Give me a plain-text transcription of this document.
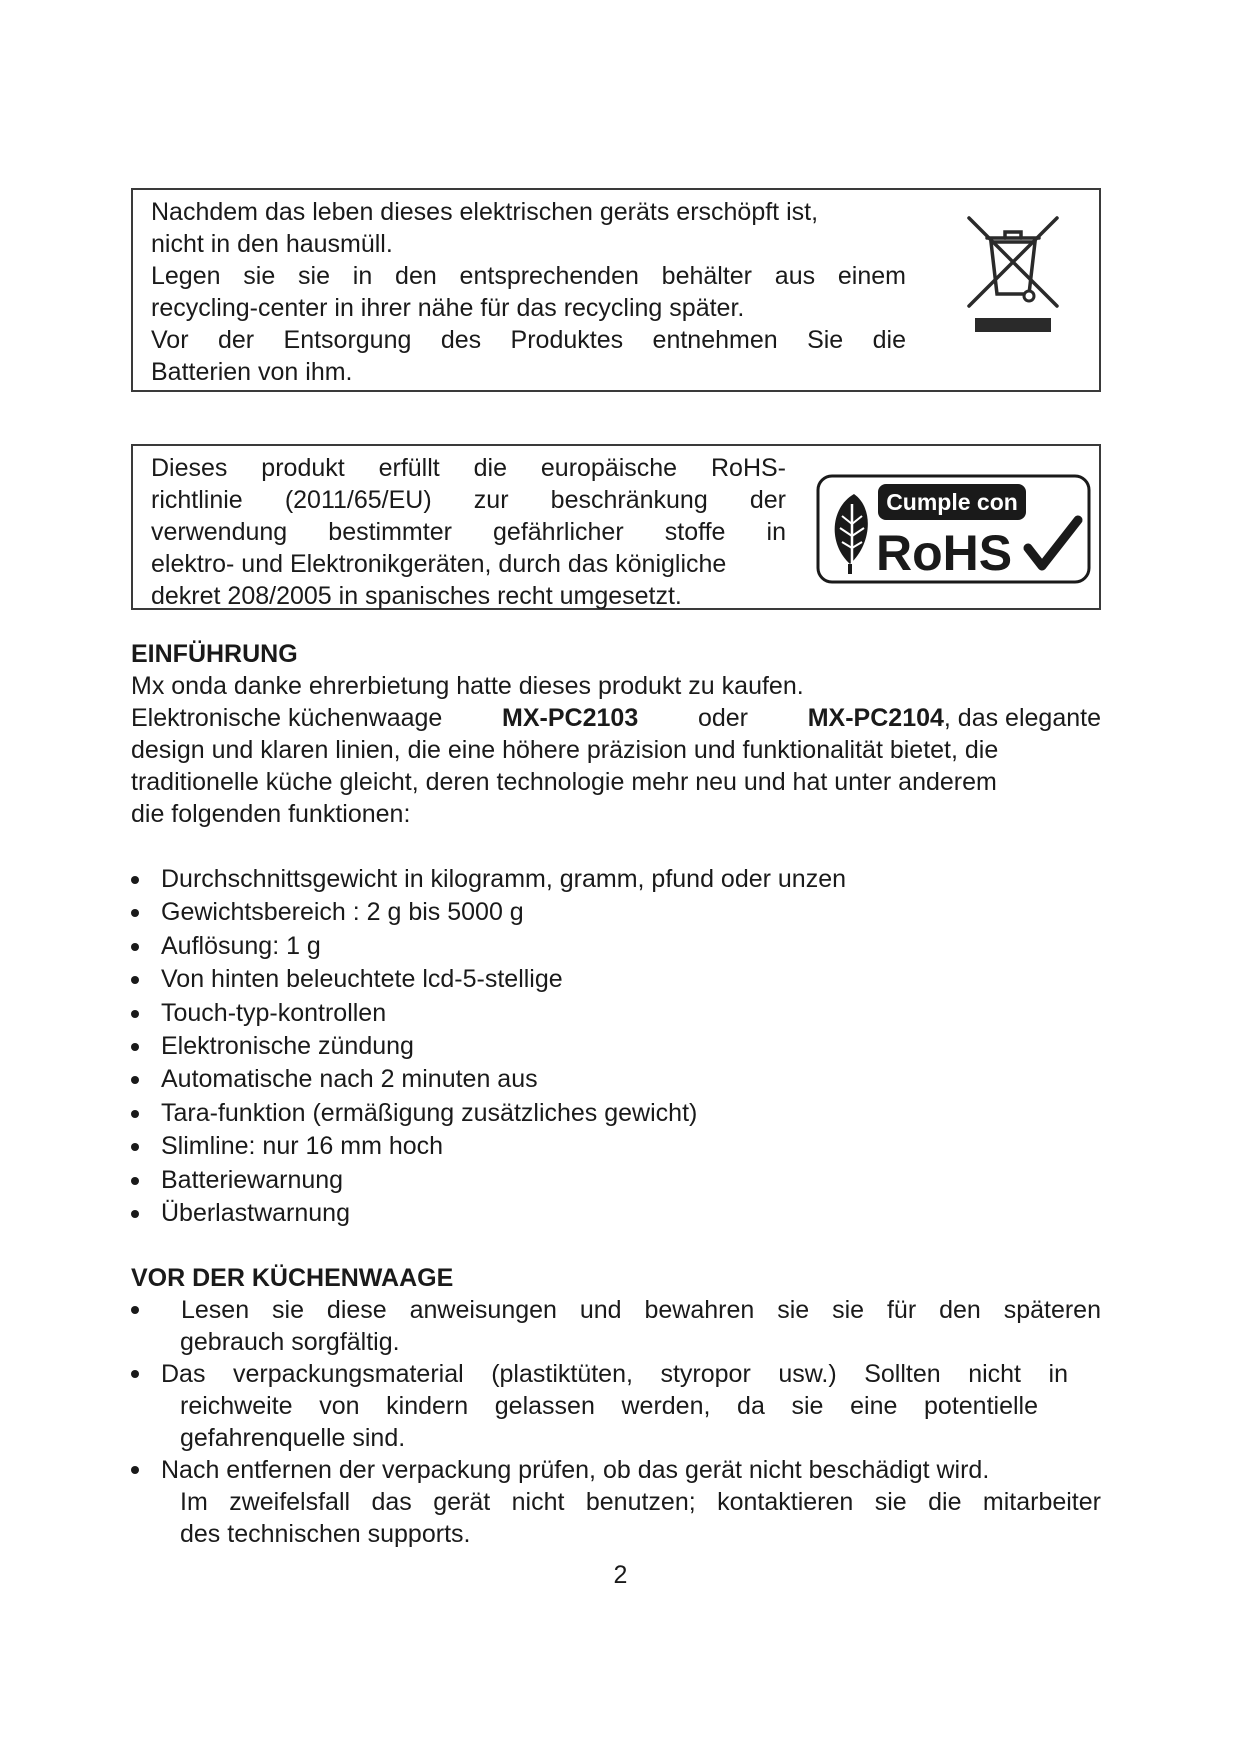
Nachdem das leben dieses elektrischen geräts erschöpft ist,
nicht in den hausmüll.
Legen sie sie in den entsprechenden behälter aus einem
recycling-center in ihrer nähe für das recycling später.
Vor der Entsorgung des Produktes entnehmen Sie die
Batterien von ihm.
Dieses produkt erfüllt die europäische RoHS-
richtlinie (2011/65/EU) zur beschränkung der
verwendung bestimmter gefährlicher stoffe in
elektro- und Elektronikgeräten, durch das königliche
dekret 208/2005 in spanisches recht umgesetzt.
Cumple con
RoHS
EINFÜHRUNG
Mx onda danke ehrerbietung hatte dieses produkt zu kaufen.
Elektronische küchenwaage MX-PC2103 oder MX-PC2104, das elegante
design und klaren linien, die eine höhere präzision und funktionalität bietet, die
traditionelle küche gleicht, deren technologie mehr neu und hat unter anderem
die folgenden funktionen:
Durchschnittsgewicht in kilogramm, gramm, pfund oder unzen
Gewichtsbereich : 2 g bis 5000 g
Auflösung: 1 g
Von hinten beleuchtete lcd-5-stellige
Touch-typ-kontrollen
Elektronische zündung
Automatische nach 2 minuten aus
Tara-funktion (ermäßigung zusätzliches gewicht)
Slimline: nur 16 mm hoch
Batteriewarnung
Überlastwarnung
VOR DER KÜCHENWAAGE
Lesen sie diese anweisungen und bewahren sie sie für den späteren
gebrauch sorgfältig.
Das verpackungsmaterial (plastiktüten, styropor usw.) Sollten nicht in
reichweite von kindern gelassen werden, da sie eine potentielle
gefahrenquelle sind.
Nach entfernen der verpackung prüfen, ob das gerät nicht beschädigt wird.
Im zweifelsfall das gerät nicht benutzen; kontaktieren sie die mitarbeiter
des technischen supports.
2
